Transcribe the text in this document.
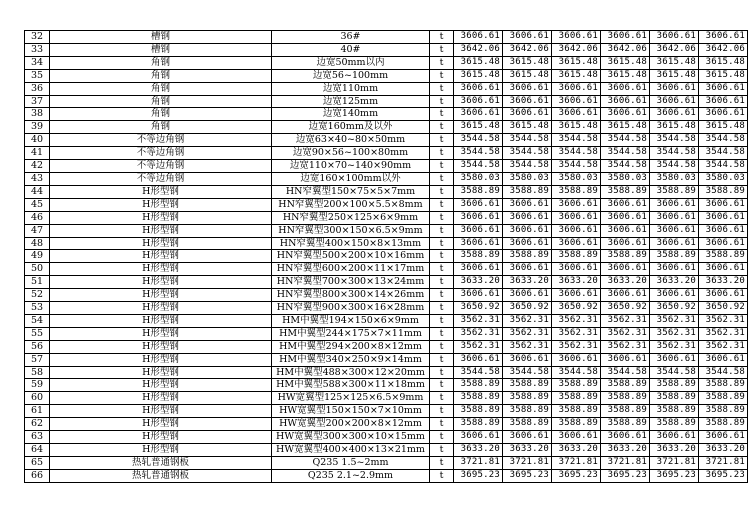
32	槽钢	36#	t	3606.61	3606.61	3606.61	3606.61	3606.61	3606.61
33	槽钢	40#	t	3642.06	3642.06	3642.06	3642.06	3642.06	3642.06
34	角钢	边宽50mm以内	t	3615.48	3615.48	3615.48	3615.48	3615.48	3615.48
35	角钢	边宽56~100mm	t	3615.48	3615.48	3615.48	3615.48	3615.48	3615.48
36	角钢	边宽110mm	t	3606.61	3606.61	3606.61	3606.61	3606.61	3606.61
37	角钢	边宽125mm	t	3606.61	3606.61	3606.61	3606.61	3606.61	3606.61
38	角钢	边宽140mm	t	3606.61	3606.61	3606.61	3606.61	3606.61	3606.61
39	角钢	边宽160mm及以外	t	3615.48	3615.48	3615.48	3615.48	3615.48	3615.48
40	不等边角钢	边宽63×40~80×50mm	t	3544.58	3544.58	3544.58	3544.58	3544.58	3544.58
41	不等边角钢	边宽90×56~100×80mm	t	3544.58	3544.58	3544.58	3544.58	3544.58	3544.58
42	不等边角钢	边宽110×70~140×90mm	t	3544.58	3544.58	3544.58	3544.58	3544.58	3544.58
43	不等边角钢	边宽160×100mm以外	t	3580.03	3580.03	3580.03	3580.03	3580.03	3580.03
44	H形型钢	HN窄翼型150×75×5×7mm	t	3588.89	3588.89	3588.89	3588.89	3588.89	3588.89
45	H形型钢	HN窄翼型200×100×5.5×8mm	t	3606.61	3606.61	3606.61	3606.61	3606.61	3606.61
46	H形型钢	HN窄翼型250×125×6×9mm	t	3606.61	3606.61	3606.61	3606.61	3606.61	3606.61
47	H形型钢	HN窄翼型300×150×6.5×9mm	t	3606.61	3606.61	3606.61	3606.61	3606.61	3606.61
48	H形型钢	HN窄翼型400×150×8×13mm	t	3606.61	3606.61	3606.61	3606.61	3606.61	3606.61
49	H形型钢	HN窄翼型500×200×10×16mm	t	3588.89	3588.89	3588.89	3588.89	3588.89	3588.89
50	H形型钢	HN窄翼型600×200×11×17mm	t	3606.61	3606.61	3606.61	3606.61	3606.61	3606.61
51	H形型钢	HN窄翼型700×300×13×24mm	t	3633.20	3633.20	3633.20	3633.20	3633.20	3633.20
52	H形型钢	HN窄翼型800×300×14×26mm	t	3606.61	3606.61	3606.61	3606.61	3606.61	3606.61
53	H形型钢	HN窄翼型900×300×16×28mm	t	3650.92	3650.92	3650.92	3650.92	3650.92	3650.92
54	H形型钢	HM中翼型194×150×6×9mm	t	3562.31	3562.31	3562.31	3562.31	3562.31	3562.31
55	H形型钢	HM中翼型244×175×7×11mm	t	3562.31	3562.31	3562.31	3562.31	3562.31	3562.31
56	H形型钢	HM中翼型294×200×8×12mm	t	3562.31	3562.31	3562.31	3562.31	3562.31	3562.31
57	H形型钢	HM中翼型340×250×9×14mm	t	3606.61	3606.61	3606.61	3606.61	3606.61	3606.61
58	H形型钢	HM中翼型488×300×12×20mm	t	3544.58	3544.58	3544.58	3544.58	3544.58	3544.58
59	H形型钢	HM中翼型588×300×11×18mm	t	3588.89	3588.89	3588.89	3588.89	3588.89	3588.89
60	H形型钢	HW宽翼型125×125×6.5×9mm	t	3588.89	3588.89	3588.89	3588.89	3588.89	3588.89
61	H形型钢	HW宽翼型150×150×7×10mm	t	3588.89	3588.89	3588.89	3588.89	3588.89	3588.89
62	H形型钢	HW宽翼型200×200×8×12mm	t	3588.89	3588.89	3588.89	3588.89	3588.89	3588.89
63	H形型钢	HW宽翼型300×300×10×15mm	t	3606.61	3606.61	3606.61	3606.61	3606.61	3606.61
64	H形型钢	HW宽翼型400×400×13×21mm	t	3633.20	3633.20	3633.20	3633.20	3633.20	3633.20
65	热轧普通钢板	Q235 1.5~2mm	t	3721.81	3721.81	3721.81	3721.81	3721.81	3721.81
66	热轧普通钢板	Q235 2.1~2.9mm	t	3695.23	3695.23	3695.23	3695.23	3695.23	3695.23
